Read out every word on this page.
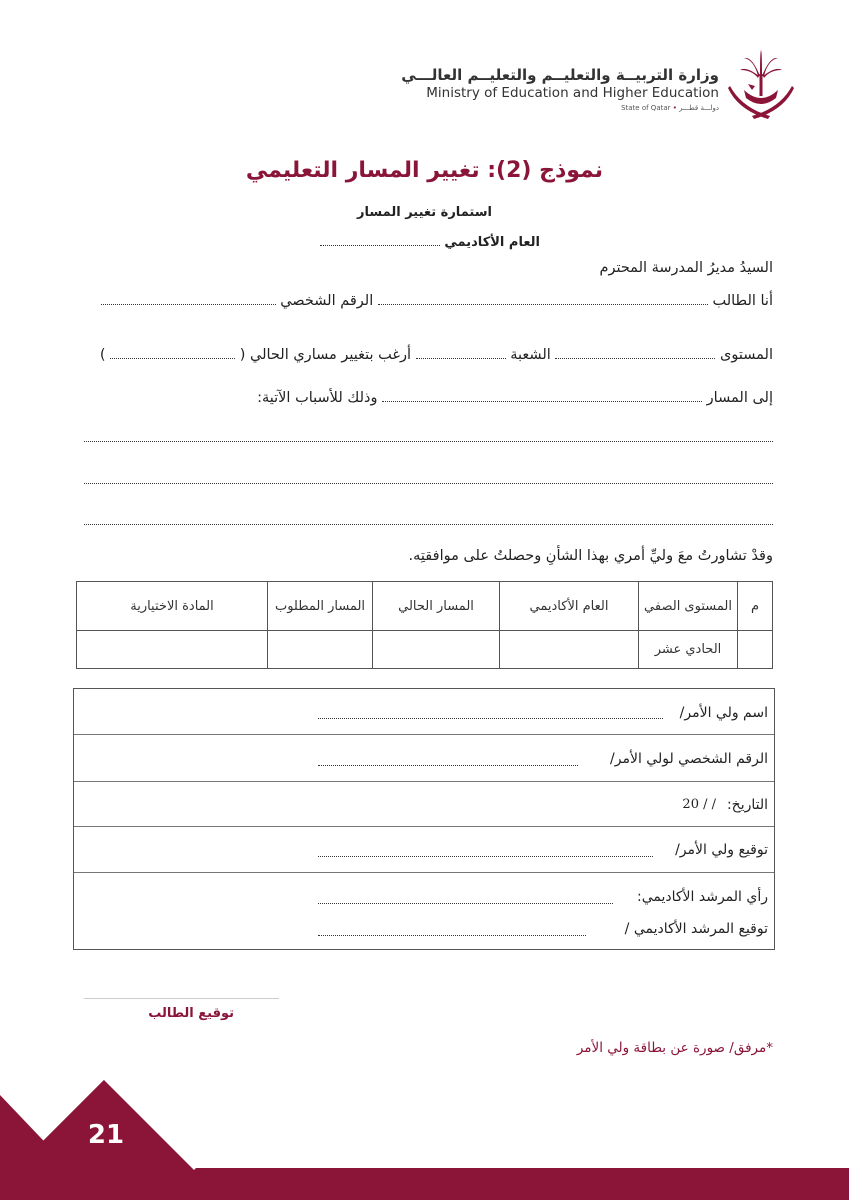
وزارة التربيــة والتعليــم والتعليــم العالـــي
Ministry of Education and Higher Education
State of Qatar • دولـــة قطـــر
نموذج (2): تغيير المسار التعليمي
استمارة تغيير المسار
العام الأكاديمي
السيدُ مديرُ المدرسة المحترم
أنا الطالب  الرقم الشخصي
المستوى  الشعبة  أرغب بتغيير مساري الحالي (  )
إلى المسار  وذلك للأسباب الآتية:
وقدْ تشاورتُ معَ وليِّ أمري بهذا الشأنِ وحصلتُ على موافقتِه.
م	المستوى الصفي	العام الأكاديمي	المسار الحالي	المسار المطلوب	المادة الاختيارية
	الحادي عشر				
اسم ولي الأمر/
الرقم الشخصي لولي الأمر/
التاريخ:
20 / /
توقيع ولي الأمر/
رأي المرشد الأكاديمي:
توقيع المرشد الأكاديمي /
توقيع الطالب
*مرفق/ صورة عن بطاقة ولي الأمر
21
